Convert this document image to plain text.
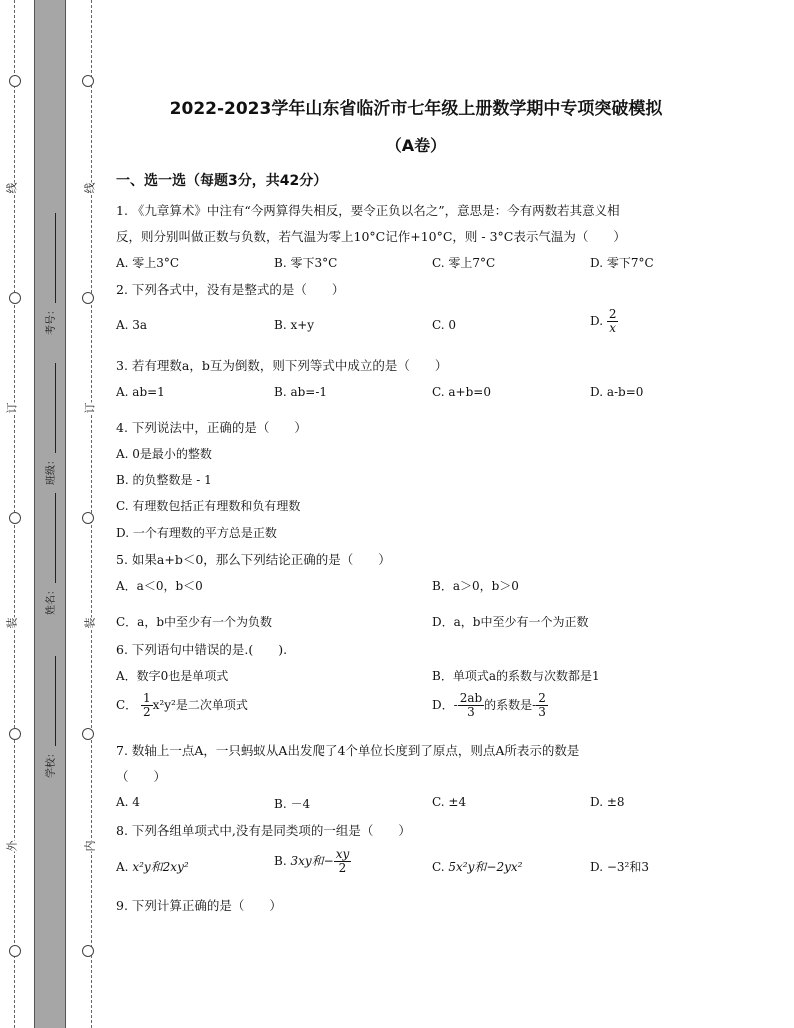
线
订
装
外
线
订
装
内
考号：
班级：
姓名：
学校：
2022-2023学年山东省临沂市七年级上册数学期中专项突破模拟
（A卷）
一、选一选（每题3分，共42分）
1. 《九章算术》中注有“今两算得失相反，要令正负以名之”，意思是：今有两数若其意义相
反，则分别叫做正数与负数，若气温为零上10°C记作+10°C，则 - 3°C表示气温为（　　）
A. 零上3°C	B. 零下3°C	C. 零上7°C	D. 零下7°C
2. 下列各式中，没有是整式的是（　　）
A. 3a	B. x+y	C. 0	D. $\frac{2}{x}$
3. 若有理数a，b互为倒数，则下列等式中成立的是（　　）
A. ab=1	B. ab=-1	C. a+b=0	D. a-b=0
4. 下列说法中，正确的是（　　）
A. 0是最小的整数
B. 的负整数是 - 1
C. 有理数包括正有理数和负有理数
D. 一个有理数的平方总是正数
5. 如果a+b＜0，那么下列结论正确的是（　　）
A．a＜0，b＜0	B．a＞0，b＞0
C．a，b中至少有一个为负数	D．a，b中至少有一个为正数
6. 下列语句中错误的是.(　　).
A．数字0也是单项式	B．单项式a的系数与次数都是1
C． $\frac{1}{2} x^2y^2$是二次单项式	D．- $\frac{2ab}{3}$ 的系数是- $\frac{2}{3}$
7. 数轴上一点A，一只蚂蚁从A出发爬了4个单位长度到了原点，则点A所表示的数是
（　　）
A. 4	B. －4	C. ±4	D. ±8
8. 下列各组单项式中,没有是同类项的一组是（　　）
A. x²y和2xy²	B. 3xy和− $\frac{xy}{2}$	C. 5x²y和−2yx²	D. −3²和3
9. 下列计算正确的是（　　）
